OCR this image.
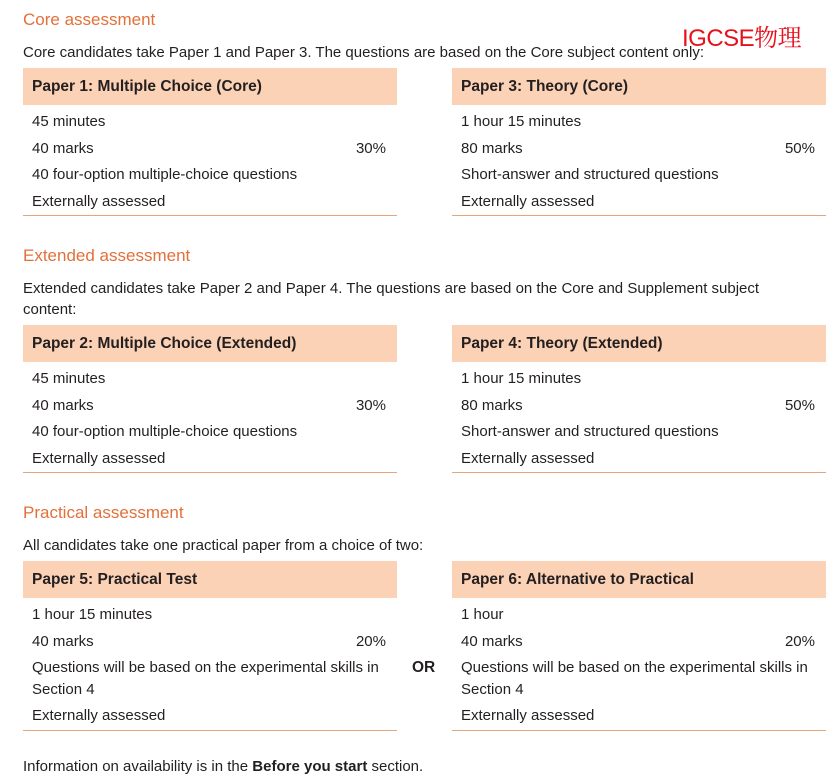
IGCSE物理
Core assessment
Core candidates take Paper 1 and Paper 3. The questions are based on the Core subject content only:
Paper 1: Multiple Choice (Core)
45 minutes
40 marks	30%
40 four-option multiple-choice questions
Externally assessed
Paper 3: Theory (Core)
1 hour 15 minutes
80 marks	50%
Short-answer and structured questions
Externally assessed
Extended assessment
Extended candidates take Paper 2 and Paper 4. The questions are based on the Core and Supplement subject content:
Paper 2: Multiple Choice (Extended)
45 minutes
40 marks	30%
40 four-option multiple-choice questions
Externally assessed
Paper 4: Theory (Extended)
1 hour 15 minutes
80 marks	50%
Short-answer and structured questions
Externally assessed
Practical assessment
All candidates take one practical paper from a choice of two:
Paper 5: Practical Test
1 hour 15 minutes
40 marks	20%
Questions will be based on the experimental skills in Section 4
Externally assessed
OR
Paper 6: Alternative to Practical
1 hour
40 marks	20%
Questions will be based on the experimental skills in Section 4
Externally assessed
Information on availability is in the Before you start section.
